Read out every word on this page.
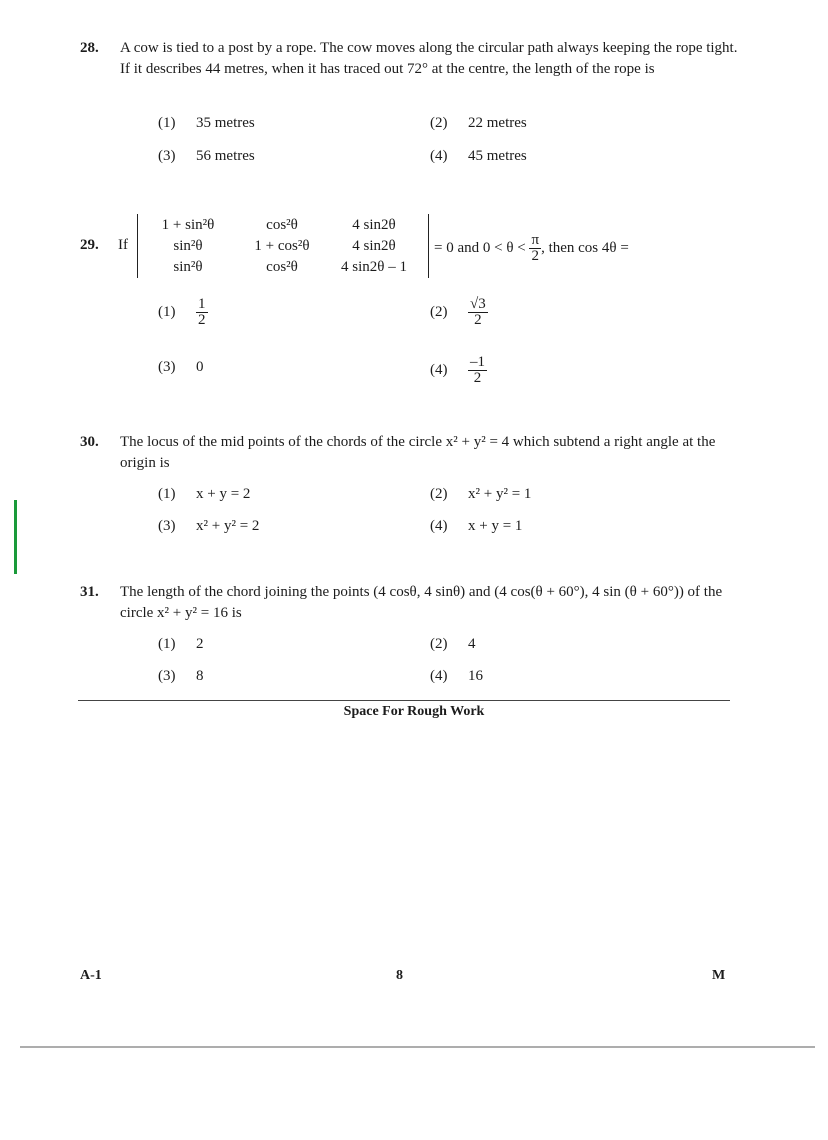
28. A cow is tied to a post by a rope. The cow moves along the circular path always keeping the rope tight. If it describes 44 metres, when it has traced out 72° at the centre, the length of the rope is
(1) 35 metres	(2) 22 metres
(3) 56 metres	(4) 45 metres
29. If
1 + sin²θ	cos²θ	4 sin2θ
sin²θ	1 + cos²θ	4 sin2θ
sin²θ	cos²θ	4 sin2θ – 1
= 0 and $0 < \theta < \frac{\pi}{2}$ , then cos 4θ =
$(1) \frac{1}{2}$	$(2) \frac{√3}{2}$
(3) 0	$(4) \frac{-1}{2}$
30. The locus of the mid points of the chords of the circle x² + y² = 4 which subtend a right angle at the origin is
(1) x + y = 2	(2) x² + y² = 1
(3) x² + y² = 2	(4) x + y = 1
31. The length of the chord joining the points (4 cosθ, 4 sinθ) and (4 cos(θ + 60°), 4 sin (θ + 60°)) of the circle x² + y² = 16 is
(1) 2	(2) 4
(3) 8	(4) 16
Space For Rough Work
A-1	8	M
